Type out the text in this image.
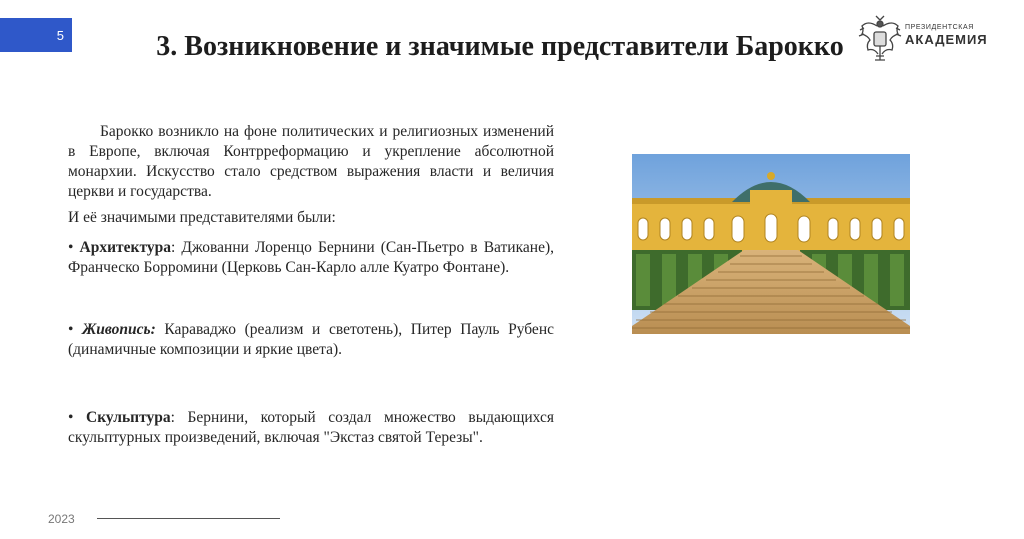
5	3. Возникновение и значимые представители Барокко
ПРЕЗИДЕНТСКАЯ
АКАДЕМИЯ

Барокко возникло на фоне политических и религиозных изменений в Европе, включая Контрреформацию и укрепление абсолютной монархии. Искусство стало средством выражения власти и величия церкви и государства.

И её значимыми представителями были:

• Архитектура: Джованни Лоренцо Бернини (Сан-Пьетро в Ватикане), Франческо Борромини (Церковь Сан-Карло алле Куатро Фонтане).

• Живопись: Караваджо (реализм и светотень), Питер Пауль Рубенс (динамичные композиции и яркие цвета).

• Скульптура: Бернини, который создал множество выдающихся скульптурных произведений, включая "Экстаз святой Терезы".

2023
